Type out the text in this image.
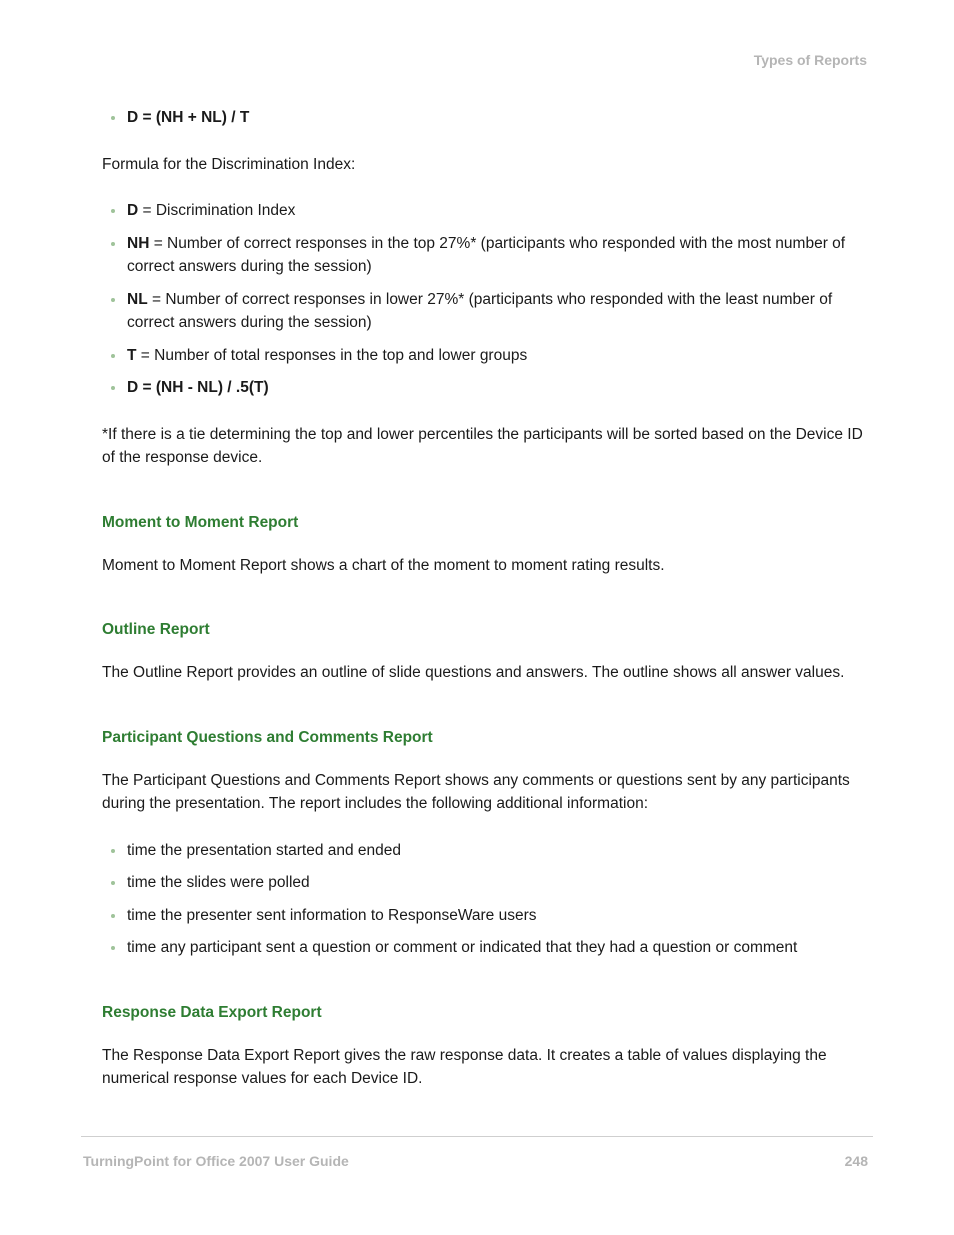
Types of Reports
D = (NH + NL) / T

Formula for the Discrimination Index:

D = Discrimination Index
NH = Number of correct responses in the top 27%* (participants who responded with the most number of correct answers during the session)
NL = Number of correct responses in lower 27%* (participants who responded with the least number of correct answers during the session)
T = Number of total responses in the top and lower groups
D = (NH - NL) / .5(T)

*If there is a tie determining the top and lower percentiles the participants will be sorted based on the Device ID of the response device.

Moment to Moment Report

Moment to Moment Report shows a chart of the moment to moment rating results.

Outline Report

The Outline Report provides an outline of slide questions and answers. The outline shows all answer values.

Participant Questions and Comments Report

The Participant Questions and Comments Report shows any comments or questions sent by any participants during the presentation. The report includes the following additional information:

time the presentation started and ended
time the slides were polled
time the presenter sent information to ResponseWare users
time any participant sent a question or comment or indicated that they had a question or comment
Response Data Export Report

The Response Data Export Report gives the raw response data. It creates a table of values displaying the numerical response values for each Device ID.

TurningPoint for Office 2007 User Guide	248
